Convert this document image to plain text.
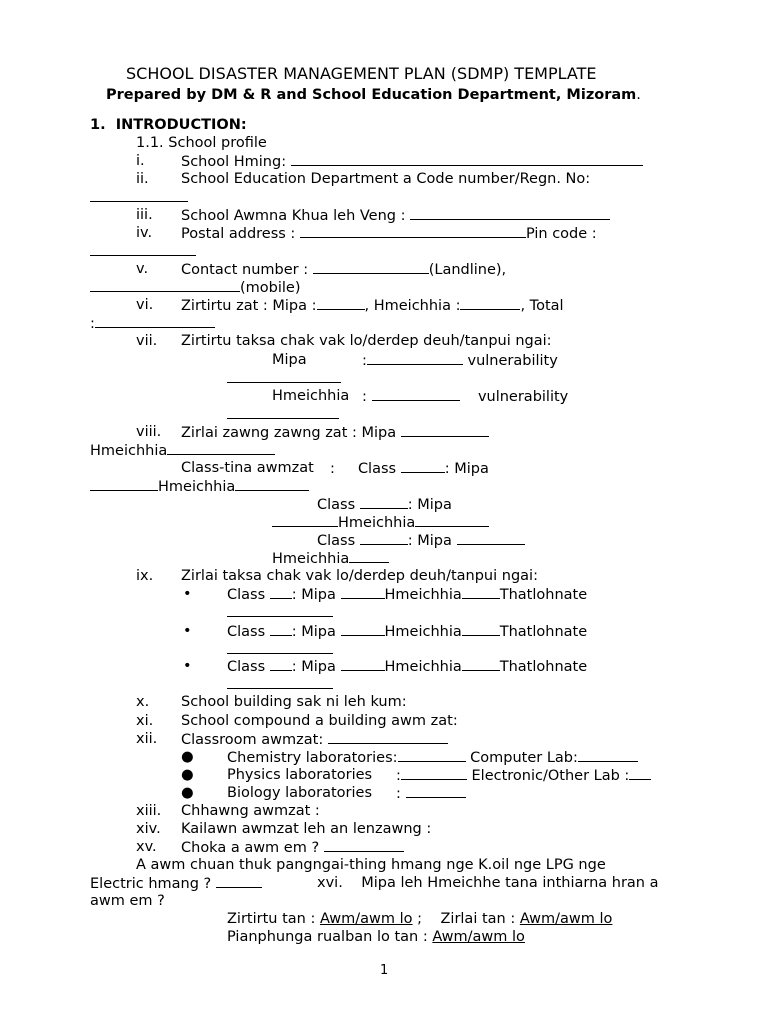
SCHOOL DISASTER MANAGEMENT PLAN (SDMP) TEMPLATE
Prepared by DM & R and School Education Department, Mizoram.
1. INTRODUCTION:
1.1. School profile
i.	School Hming:
ii. School Education Department a Code number/Regn. No:
iii. School Awmna Khua leh Veng :
iv. Postal address :	Pin code :
v. Contact number :	(Landline),
(mobile)
vi. Zirtirtu zat : Mipa :	, Hmeichhia :	, Total
:
vii. Zirtirtu taksa chak vak lo/derdep deuh/tanpui ngai:
Mipa	:	vulnerability
Hmeichhia :	vulnerability
viii. Zirlai zawng zawng zat : Mipa
Hmeichhia
Class-tina awmzat : Class	: Mipa
Hmeichhia
Class	: Mipa
Hmeichhia
Class	: Mipa
Hmeichhia
ix. Zirlai taksa chak vak lo/derdep deuh/tanpui ngai:
• Class : Mipa	Hmeichhia	Thatlohnate
• Class : Mipa	Hmeichhia	Thatlohnate
• Class : Mipa	Hmeichhia	Thatlohnate
x. School building sak ni leh kum:
xi. School compound a building awm zat:
xii. Classroom awmzat:
● Chemistry laboratories:	Computer Lab:
● Physics laboratories :	Electronic/Other Lab :
● Biology laboratories :
xiii. Chhawng awmzat :
xiv. Kailawn awmzat leh an lenzawng :
xv. Choka a awm em ?
A awm chuan thuk pangngai-thing hmang nge K.oil nge LPG nge
Electric hmang ?	xvi. Mipa leh Hmeichhe tana inthiarna hran a
awm em ?
Zirtirtu tan : Awm/awm lo ; Zirlai tan : Awm/awm lo
Pianphunga rualban lo tan : Awm/awm lo
1
